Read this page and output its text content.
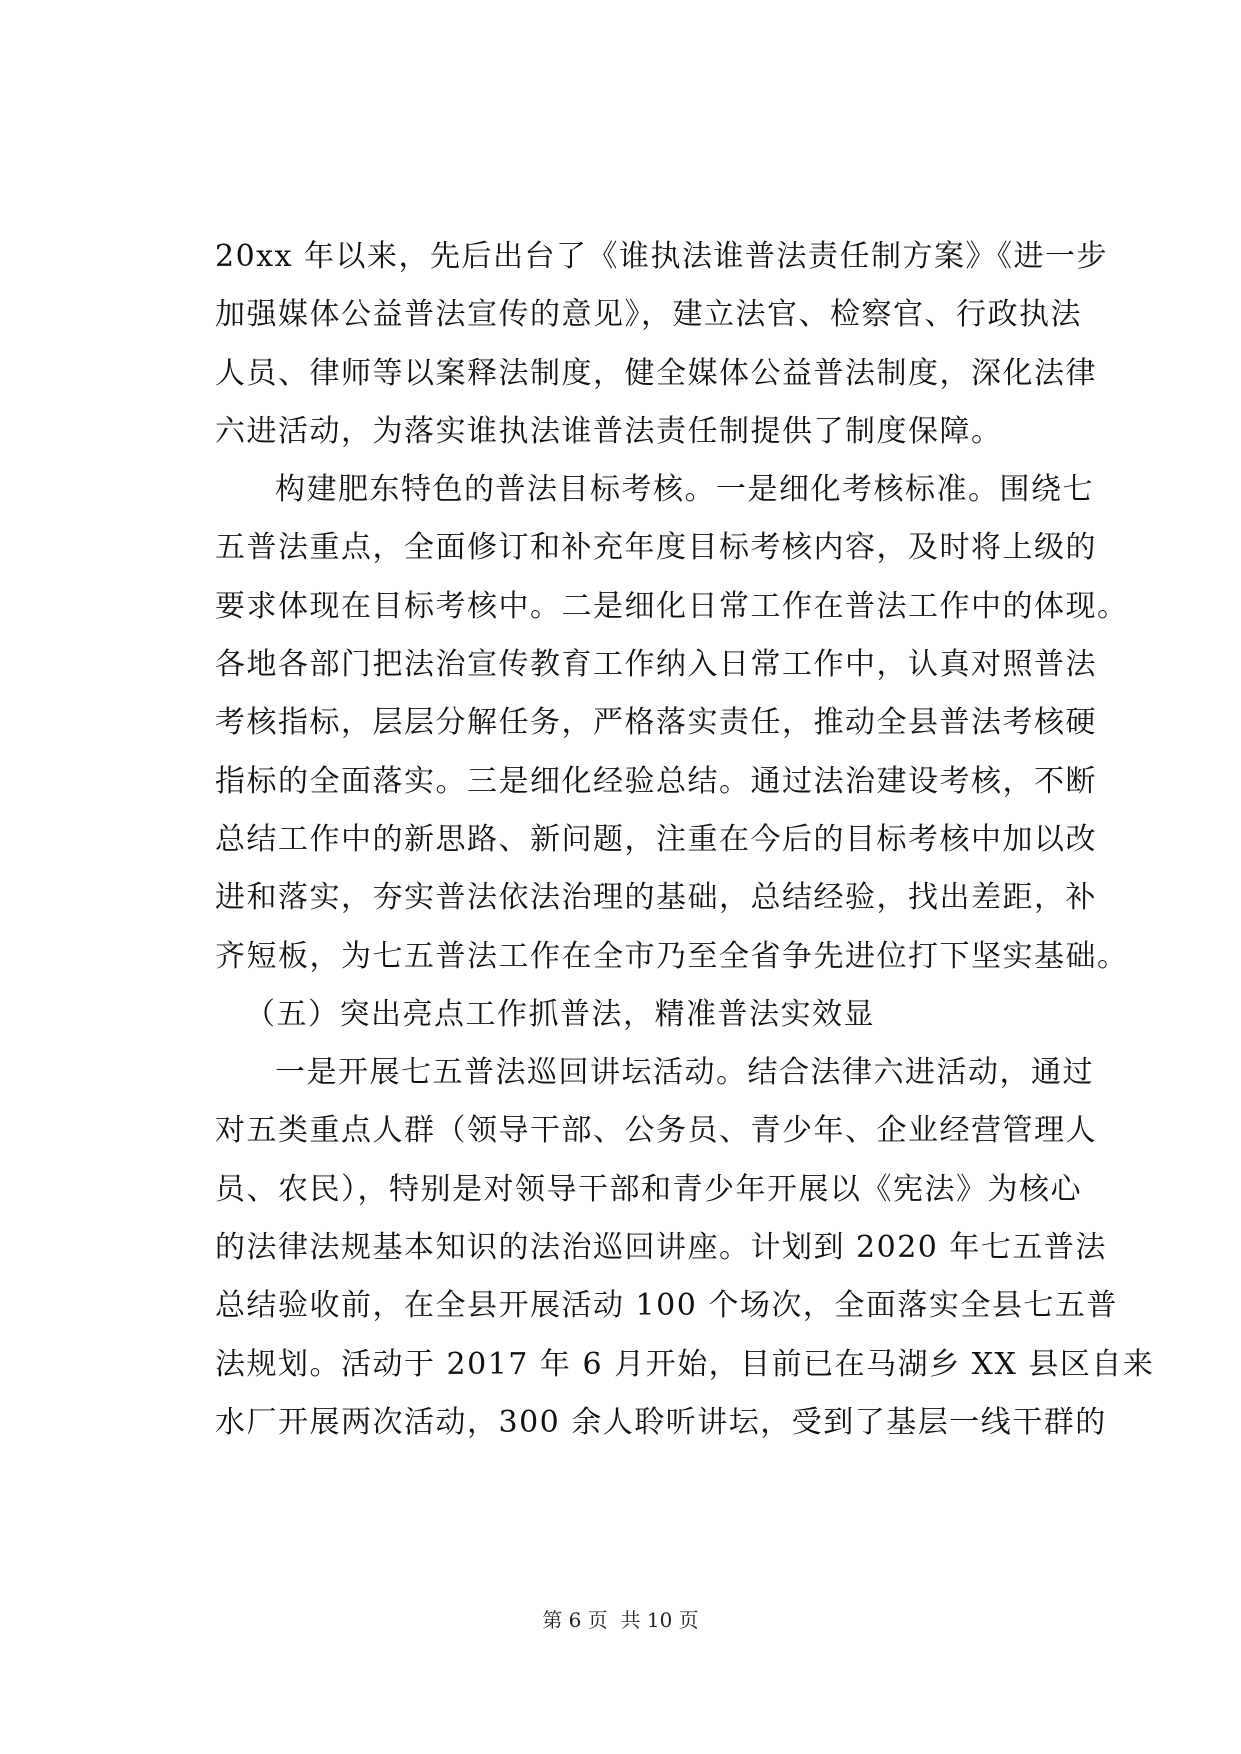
20xx 年以来，先后出台了《谁执法谁普法责任制方案》《进一步
加强媒体公益普法宣传的意见》，建立法官、检察官、行政执法
人员、律师等以案释法制度，健全媒体公益普法制度，深化法律
六进活动，为落实谁执法谁普法责任制提供了制度保障。
构建肥东特色的普法目标考核。一是细化考核标准。围绕七
五普法重点，全面修订和补充年度目标考核内容，及时将上级的
要求体现在目标考核中。二是细化日常工作在普法工作中的体现。
各地各部门把法治宣传教育工作纳入日常工作中，认真对照普法
考核指标，层层分解任务，严格落实责任，推动全县普法考核硬
指标的全面落实。三是细化经验总结。通过法治建设考核，不断
总结工作中的新思路、新问题，注重在今后的目标考核中加以改
进和落实，夯实普法依法治理的基础，总结经验，找出差距，补
齐短板，为七五普法工作在全市乃至全省争先进位打下坚实基础。
（五）突出亮点工作抓普法，精准普法实效显
一是开展七五普法巡回讲坛活动。结合法律六进活动，通过
对五类重点人群（领导干部、公务员、青少年、企业经营管理人
员、农民），特别是对领导干部和青少年开展以《宪法》为核心
的法律法规基本知识的法治巡回讲座。计划到 2020 年七五普法
总结验收前，在全县开展活动 100 个场次，全面落实全县七五普
法规划。活动于 2017 年 6 月开始，目前已在马湖乡 XX 县区自来
水厂开展两次活动，300 余人聆听讲坛，受到了基层一线干群的
第 6 页  共 10 页
